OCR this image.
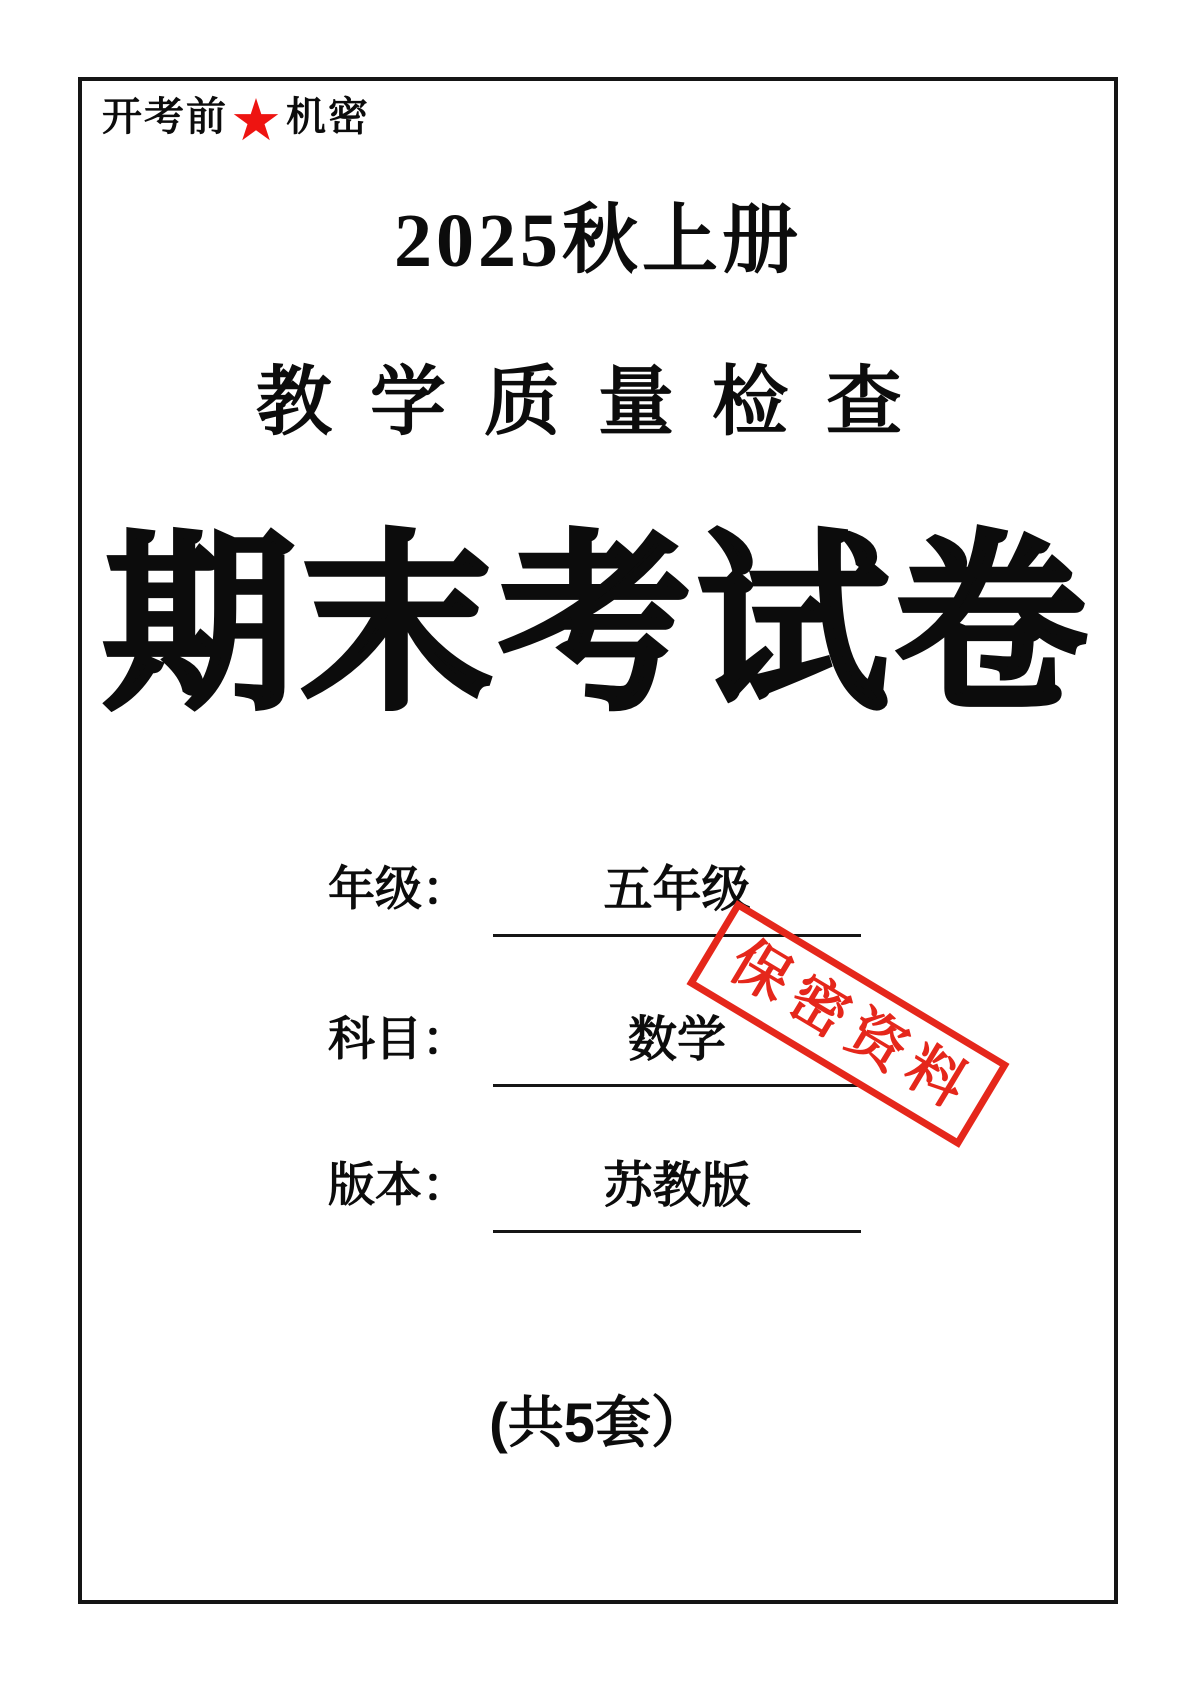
开考前★机密
2025秋上册
教学质量检查
期末考试卷
年级：	五年级
科目：	数学
版本：	苏教版
保密资料
(共5套）
